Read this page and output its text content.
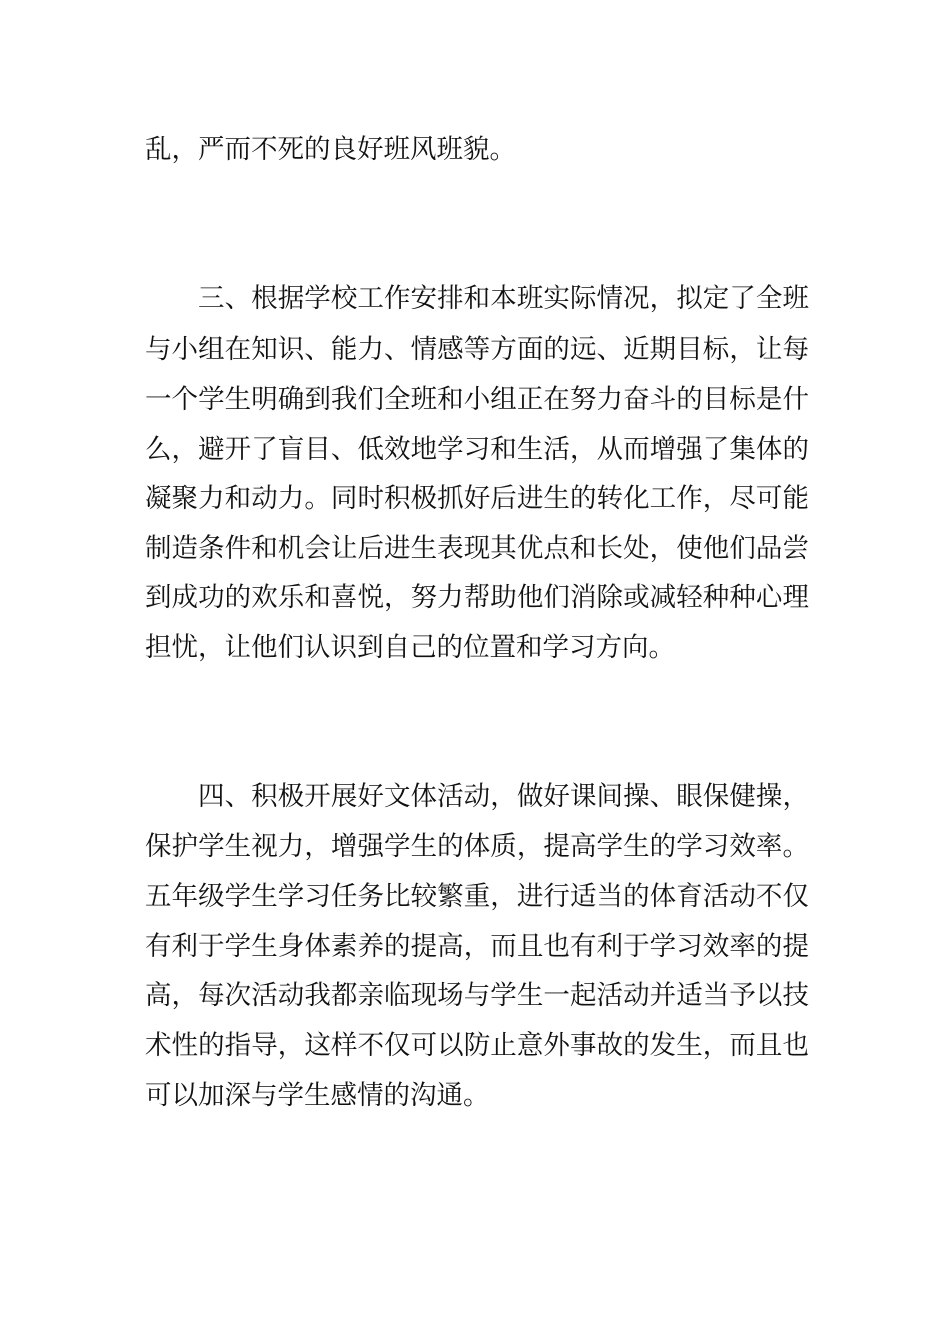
乱，严而不死的良好班风班貌。
三、根据学校工作安排和本班实际情况，拟定了全班
与小组在知识、能力、情感等方面的远、近期目标，让每
一个学生明确到我们全班和小组正在努力奋斗的目标是什
么，避开了盲目、低效地学习和生活，从而增强了集体的
凝聚力和动力。同时积极抓好后进生的转化工作，尽可能
制造条件和机会让后进生表现其优点和长处，使他们品尝
到成功的欢乐和喜悦，努力帮助他们消除或减轻种种心理
担忧，让他们认识到自己的位置和学习方向。
四、积极开展好文体活动，做好课间操、眼保健操，
保护学生视力，增强学生的体质，提高学生的学习效率。
五年级学生学习任务比较繁重，进行适当的体育活动不仅
有利于学生身体素养的提高，而且也有利于学习效率的提
高，每次活动我都亲临现场与学生一起活动并适当予以技
术性的指导，这样不仅可以防止意外事故的发生，而且也
可以加深与学生感情的沟通。
